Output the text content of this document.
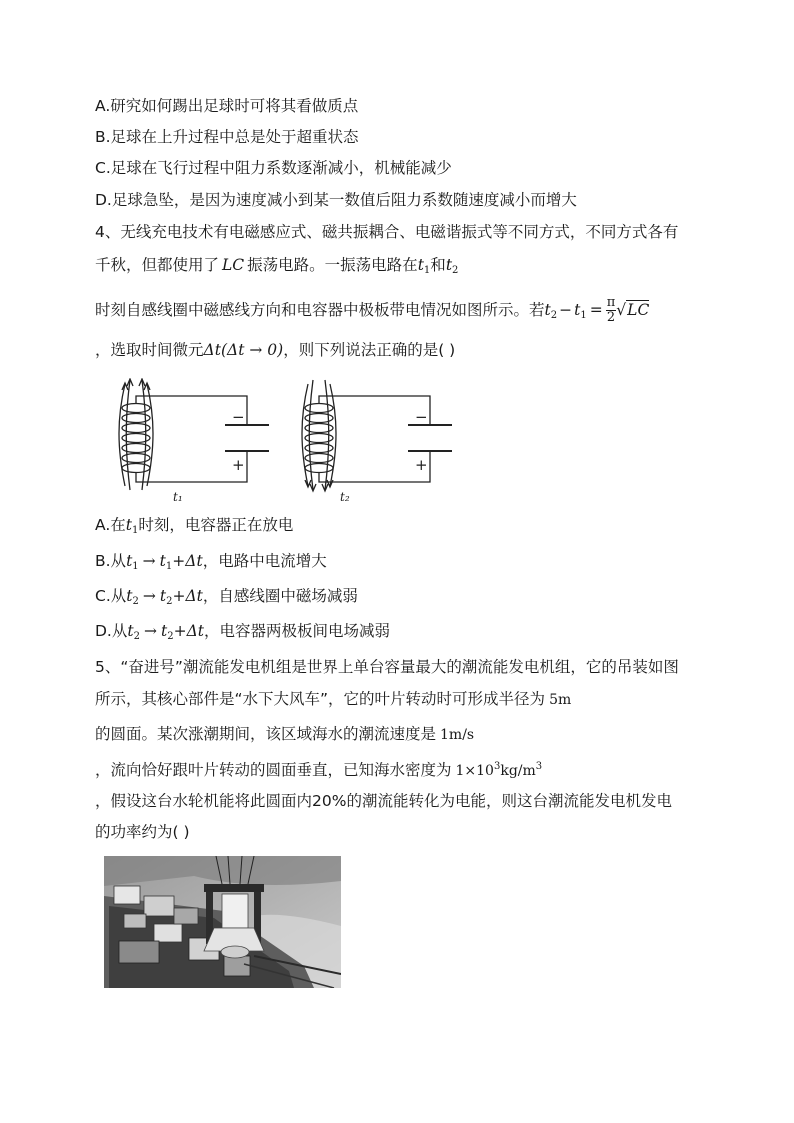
A.研究如何踢出足球时可将其看做质点
B.足球在上升过程中总是处于超重状态
C.足球在飞行过程中阻力系数逐渐减小，机械能减少
D.足球急坠，是因为速度减小到某一数值后阻力系数随速度减小而增大
4、无线充电技术有电磁感应式、磁共振耦合、电磁谐振式等不同方式，不同方式各有
千秋，但都使用了 LC 振荡电路。一振荡电路在$t_1$和$t_2$
时刻自感线圈中磁感线方向和电容器中极板带电情况如图所示。若$t_2 - t_1 = \frac{\pi}{2} √LC$
，选取时间微元Δt(Δt → 0)，则下列说法正确的是( )
−
+
t₁
−
+
t₂
A.在$t_1$时刻，电容器正在放电
B.从$t_1 \to t_1+\Delta t$，电路中电流增大
C.从$t_2 \to t_2+\Delta t$，自感线圈中磁场减弱
D.从$t_2 \to t_2+\Delta t$，电容器两极板间电场减弱
5、“奋进号”潮流能发电机组是世界上单台容量最大的潮流能发电机组，它的吊装如图
所示，其核心部件是“水下大风车”，它的叶片转动时可形成半径为 5m
的圆面。某次涨潮期间，该区域海水的潮流速度是 1m/s
，流向恰好跟叶片转动的圆面垂直，已知海水密度为 $1\times 10^3kg/m^3$
，假设这台水轮机能将此圆面内20%的潮流能转化为电能，则这台潮流能发电机发电
的功率约为( )
